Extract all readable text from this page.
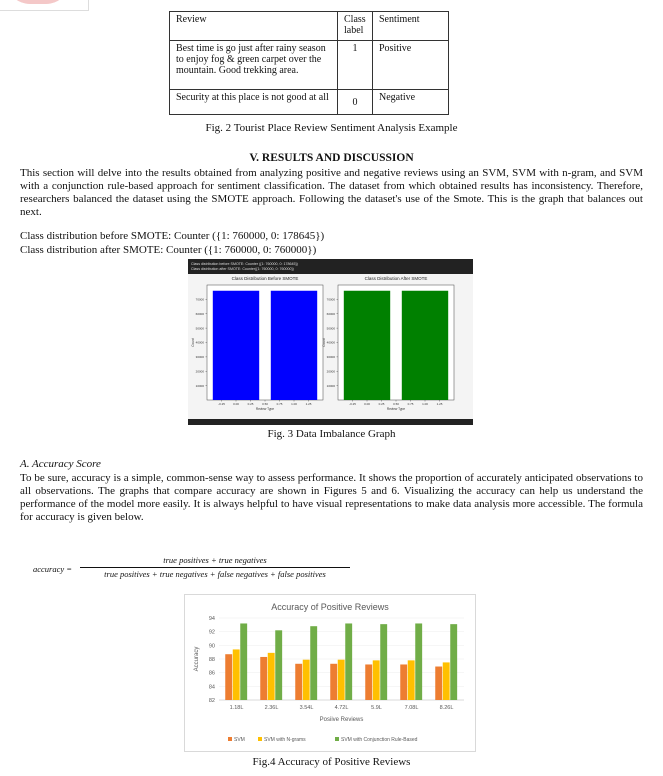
Review	Class label	Sentiment
Best time is go just after rainy season to enjoy fog & green carpet over the mountain. Good trekking area.	1	Positive
Security at this place is not good at all	0	Negative
Fig. 2 Tourist Place Review Sentiment Analysis Example
V. RESULTS AND DISCUSSION
This section will delve into the results obtained from analyzing positive and negative reviews using an SVM, SVM with n-gram, and SVM with a conjunction rule-based approach for sentiment classification. The dataset from which obtained results has inconsistency. Therefore, researchers balanced the dataset using the SMOTE approach. Following the dataset's use of the Smote. This is the graph that balances out next.
Class distribution before SMOTE: Counter ({1: 760000, 0: 178645})
Class distribution after SMOTE: Counter ({1: 760000, 0: 760000})
Class distribution before SMOTE: Counter ({1: 760000, 0: 178645})
Class distribution after SMOTE: Counter({1: 760000, 0: 760000})
Class Distribution Before SMOTE
10000
20000
30000
40000
50000
60000
70000
-0.25	0.00	0.25	0.50	0.75	1.00	1.25
Review Type
Count
Class Distribution After SMOTE
10000
20000
30000
40000
50000
60000
70000
-0.25	0.00	0.25	0.50	0.75	1.00	1.25
Review Type
Count
Fig. 3 Data Imbalance Graph
A. Accuracy Score
To be sure, accuracy is a simple, common-sense way to assess performance. It shows the proportion of accurately anticipated observations to all observations. The graphs that compare accuracy are shown in Figures 5 and 6. Visualizing the accuracy can help us understand the performance of the model more easily. It is always helpful to have visual representations to make data analysis more accessible. The formula for accuracy is given below.
accuracy =
true positives + true negatives
true positives + true negatives + false negatives + false positives
Accuracy of Positive Reviews
82
84
86
88
90
92
94
1.18L	2.36L	3.54L	4.72L	5.9L	7.08L	8.26L
Posiive Reviews
Accuracy
SVM	SVM with N-grams	SVM with Conjunction Rule-Based
Fig.4 Accuracy of Positive Reviews
